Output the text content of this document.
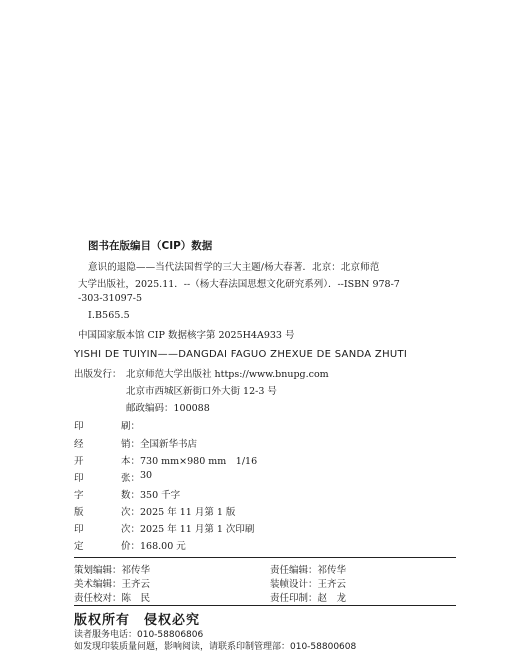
图书在版编目（CIP）数据
意识的退隐——当代法国哲学的三大主题/杨大春著．北京：北京师范
大学出版社，2025.11．--（杨大春法国思想文化研究系列）．--ISBN 978-7
-303-31097-5
Ⅰ.B565.5
中国国家版本馆 CIP 数据核字第 2025H4A933 号
YISHI DE TUIYIN——DANGDAI FAGUO ZHEXUE DE SANDA ZHUTI
出版发行： 北京师范大学出版社 https://www.bnupg.com
北京市西城区新街口外大街 12-3 号
邮政编码：100088
印	刷：
经	销： 全国新华书店
开	本： 730 mm×980 mm　1/16
印	张： 30
字	数： 350 千字
版	次： 2025 年 11 月第 1 版
印	次： 2025 年 11 月第 1 次印刷
定	价： 168.00 元
策划编辑：祁传华	责任编辑：祁传华
美术编辑：王齐云	装帧设计：王齐云
责任校对：陈　民	责任印制：赵　龙
版权所有　侵权必究
读者服务电话：010-58806806
如发现印装质量问题，影响阅读，请联系印制管理部：010-58800608
